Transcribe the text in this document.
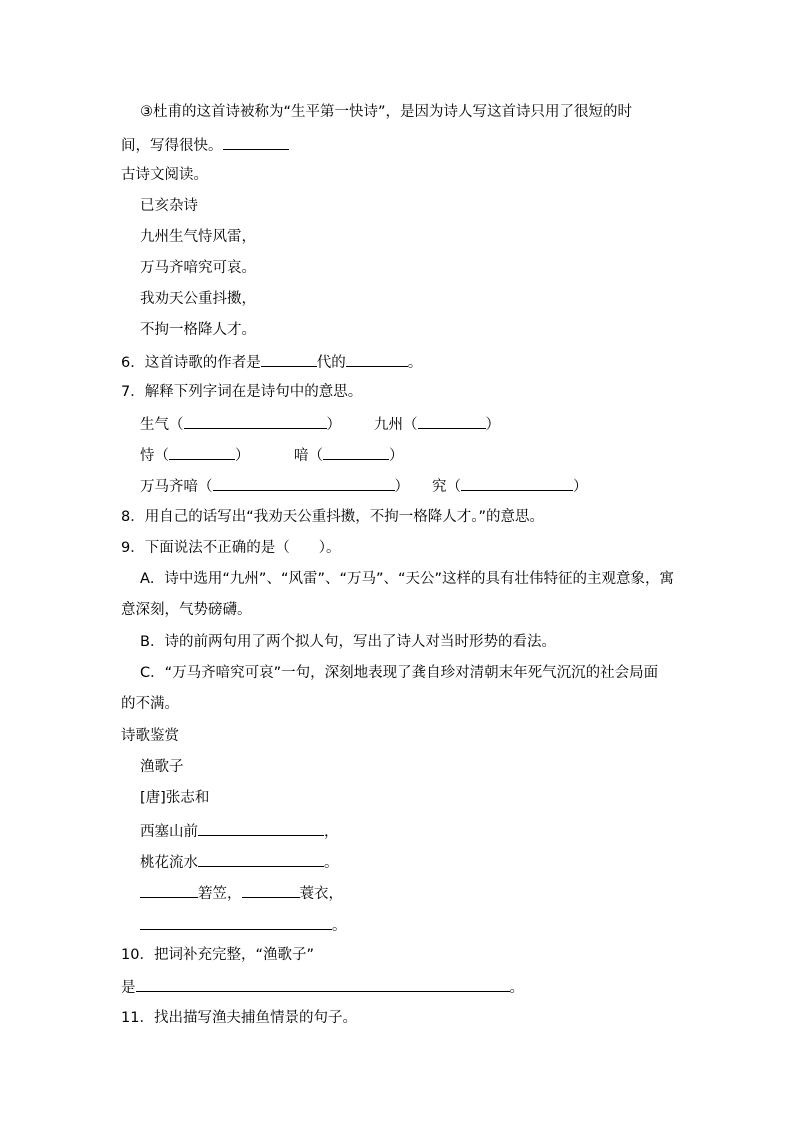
③杜甫的这首诗被称为“生平第一快诗”，是因为诗人写这首诗只用了很短的时
间，写得很快。
古诗文阅读。
已亥杂诗
九州生气恃风雷，
万马齐喑究可哀。
我劝天公重抖擞，
不拘一格降人才。
6．这首诗歌的作者是	代的	。
7．解释下列字词在是诗句中的意思。
生气（	） 九州（	）
恃（	）	喑（	）
万马齐喑（	） 究（	）
8．用自己的话写出“我劝天公重抖擞，不拘一格降人才。”的意思。
9．下面说法不正确的是（　　）。
A．诗中选用“九州”、“风雷”、“万马”、“天公”这样的具有壮伟特征的主观意象，寓
意深刻，气势磅礴。
B．诗的前两句用了两个拟人句，写出了诗人对当时形势的看法。
C．“万马齐喑究可哀”一句，深刻地表现了龚自珍对清朝末年死气沉沉的社会局面
的不满。
诗歌鉴赏
渔歌子
[唐]张志和
西塞山前	，
桃花流水	。
箬笠，	蓑衣，
。
10．把词补充完整，“渔歌子”
是	。
11．找出描写渔夫捕鱼情景的句子。
